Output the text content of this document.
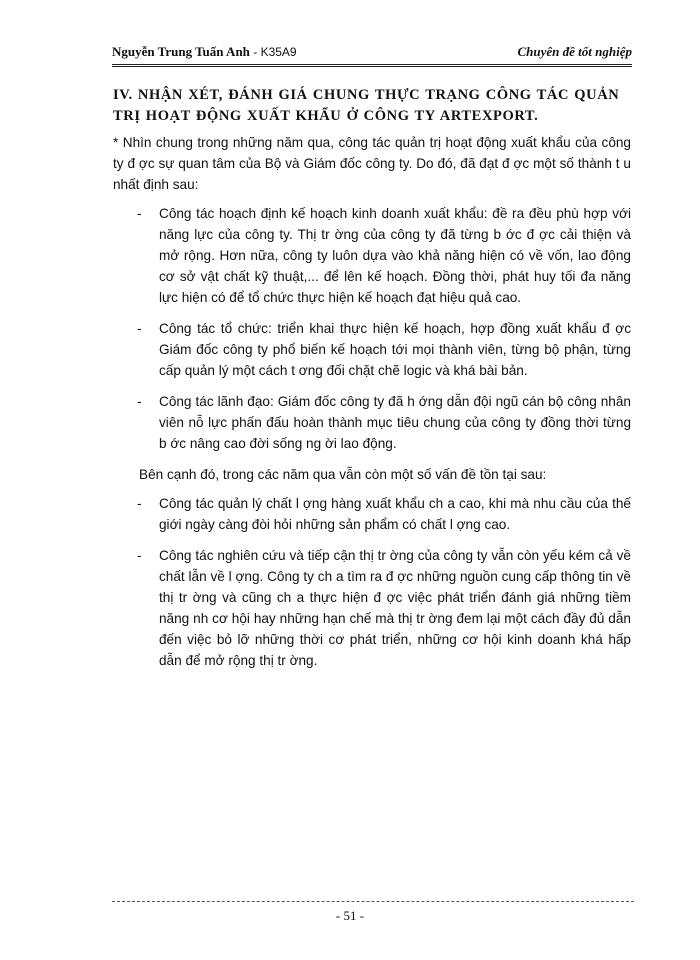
Nguyễn Trung Tuấn Anh - K35A9	Chuyên đề tốt nghiệp
IV. NHẬN XÉT, ĐÁNH GIÁ CHUNG THỰC TRẠNG CÔNG TÁC QUẢN TRỊ HOẠT ĐỘNG XUẤT KHẨU Ở CÔNG TY ARTEXPORT.

* Nhìn chung trong những năm qua, công tác quản trị hoạt động xuất khẩu của công ty đ ợc sự quan tâm của Bộ và Giám đốc công ty. Do đó, đã đạt đ ợc một số thành t u nhất định sau:

- Công tác hoạch định kế hoạch kinh doanh xuất khẩu: đề ra đều phù hợp với năng lực của công ty. Thị tr ờng của công ty đã từng b ớc đ ợc cải thiện và mở rộng. Hơn nữa, công ty luôn dựa vào khả năng hiện có về vốn, lao động cơ sở vật chất kỹ thuật,... để lên kế hoạch. Đồng thời, phát huy tối đa năng lực hiện có để tổ chức thực hiện kế hoạch đạt hiệu quả cao.
- Công tác tổ chức: triển khai thực hiện kế hoạch, hợp đồng xuất khẩu đ ợc Giám đốc công ty phổ biến kế hoạch tới mọi thành viên, từng bộ phận, từng cấp quản lý một cách t ơng đối chặt chẽ logic và khá bài bản.
- Công tác lãnh đạo: Giám đốc công ty đã h ớng dẫn đội ngũ cán bộ công nhân viên nỗ lực phấn đấu hoàn thành mục tiêu chung của công ty đồng thời từng b ớc nâng cao đời sống ng ời lao động.

Bên cạnh đó, trong các năm qua vẫn còn một số vấn đề tồn tại sau:

- Công tác quản lý chất l ợng hàng xuất khẩu ch a cao, khi mà nhu cầu của thế giới ngày càng đòi hỏi những sản phẩm có chất l ợng cao.
- Công tác nghiên cứu và tiếp cận thị tr ờng của công ty vẫn còn yếu kém cả về chất lẫn về l ợng. Công ty ch a tìm ra đ ợc những nguồn cung cấp thông tin về thị tr ờng và cũng ch a thực hiện đ ợc việc phát triển đánh giá những tiềm năng nh cơ hội hay những hạn chế mà thị tr ờng đem lại một cách đầy đủ dẫn đến việc bỏ lỡ những thời cơ phát triển, những cơ hội kinh doanh khá hấp dẫn để mở rộng thị tr ờng.
- 51 -
